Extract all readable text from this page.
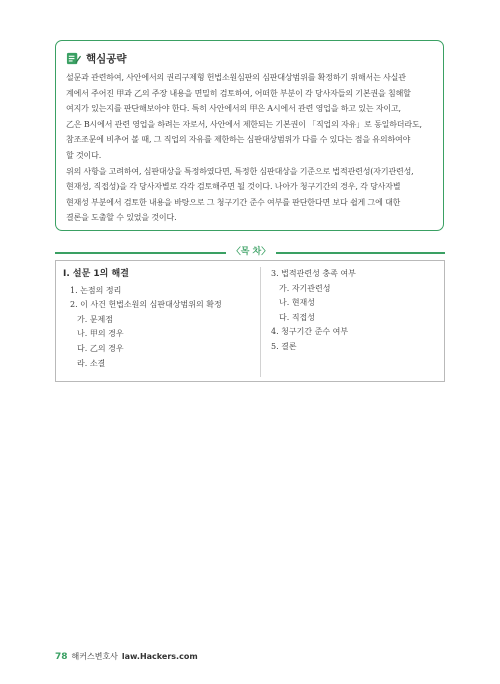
핵심공략

설문과 관련하여, 사안에서의 권리구제형 헌법소원심판의 심판대상범위를 확정하기 위해서는 사실관
계에서 주어진 甲과 乙의 주장 내용을 면밀히 검토하여, 어떠한 부분이 각 당사자들의 기본권을 침해할
여지가 있는지를 판단해보아야 한다. 특히 사안에서의 甲은 A시에서 관련 영업을 하고 있는 자이고,
乙은 B시에서 관련 영업을 하려는 자로서, 사안에서 제한되는 기본권이 「직업의 자유」로 동일하더라도,
참조조문에 비추어 볼 때, 그 직업의 자유를 제한하는 심판대상범위가 다를 수 있다는 점을 유의하여야
할 것이다.

위의 사항을 고려하여, 심판대상을 특정하였다면, 특정한 심판대상을 기준으로 법적관련성(자기관련성,
현재성, 직접성)을 각 당사자별로 각각 검토해주면 될 것이다. 나아가 청구기간의 경우, 각 당사자별
현재성 부분에서 검토한 내용을 바탕으로 그 청구기간 준수 여부를 판단한다면 보다 쉽게 그에 대한
결론을 도출할 수 있었을 것이다.

〈목 차〉
Ⅰ. 설문 1의 해결
1. 논점의 정리
2. 이 사건 헌법소원의 심판대상범위의 확정
가. 문제점
나. 甲의 경우
다. 乙의 경우
라. 소결
3. 법적관련성 충족 여부
가. 자기관련성
나. 현재성
다. 직접성
4. 청구기간 준수 여부
5. 결론
78 해커스변호사 law.Hackers.com
